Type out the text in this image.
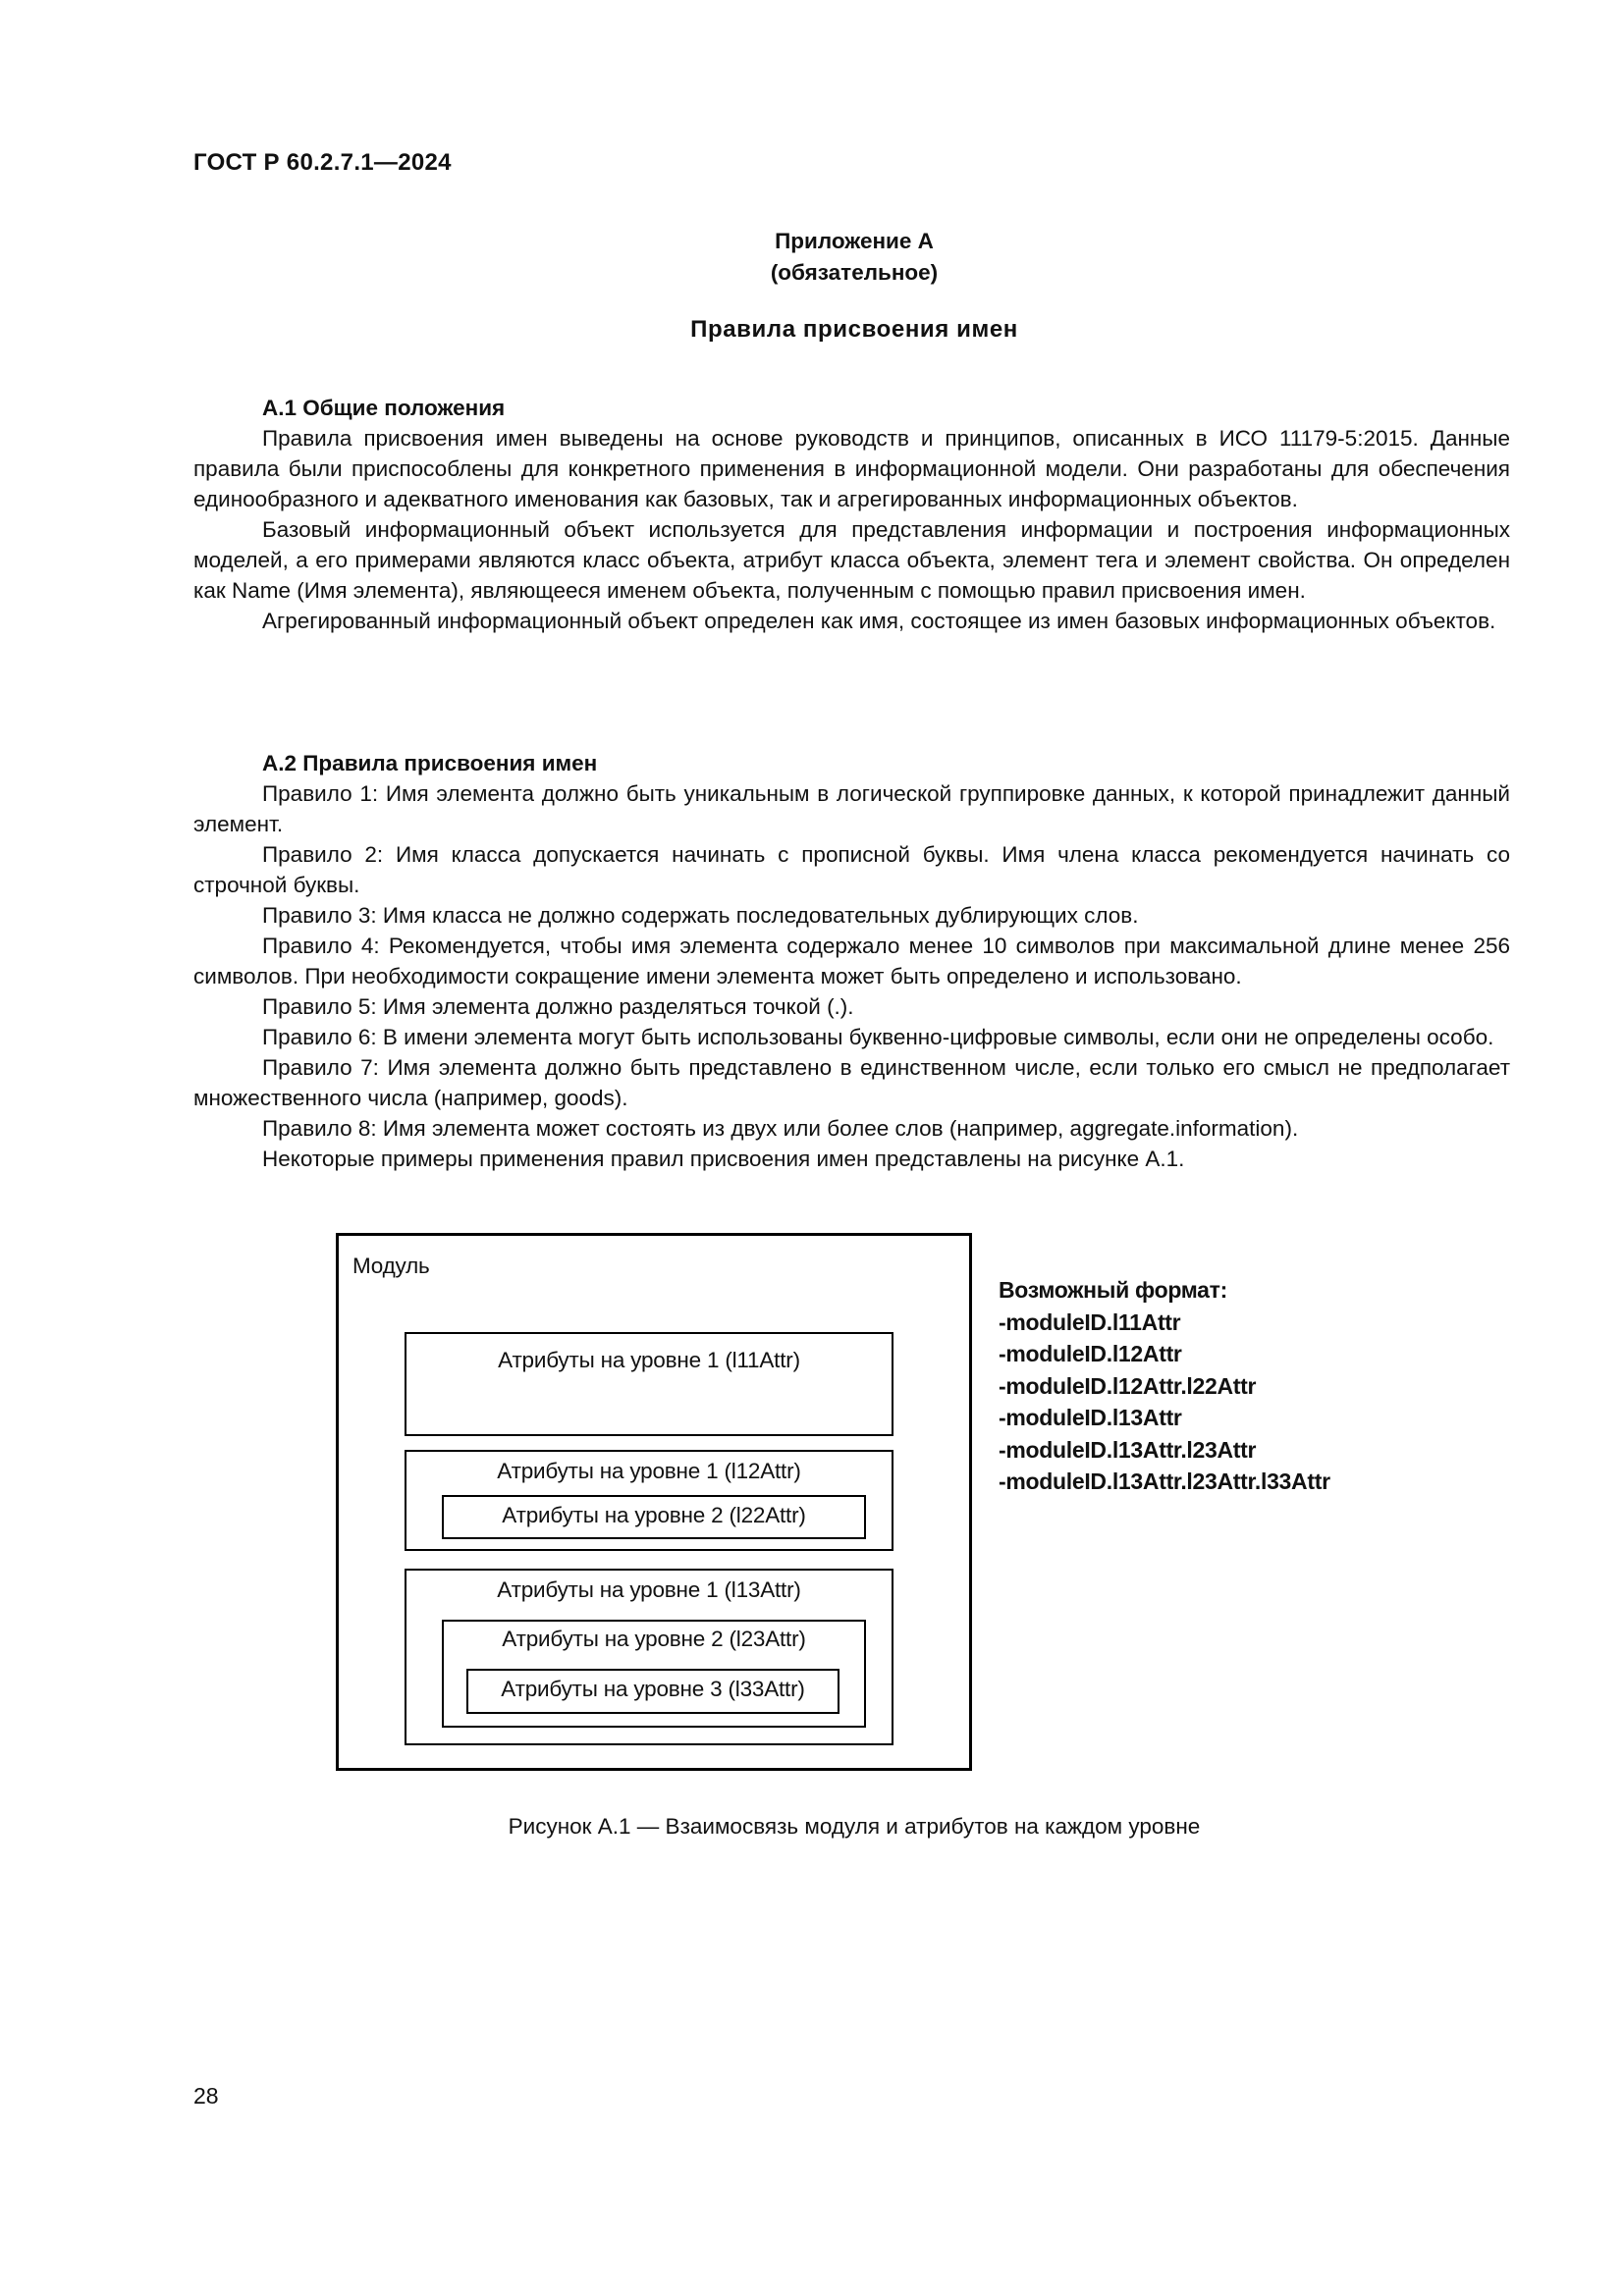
ГОСТ Р 60.2.7.1—2024
Приложение А
(обязательное)
Правила присвоения имен
А.1 Общие положения

Правила присвоения имен выведены на основе руководств и принципов, описанных в ИСО 11179-5:2015. Данные правила были приспособлены для конкретного применения в информационной модели. Они разработаны для обеспечения единообразного и адекватного именования как базовых, так и агрегированных информационных объектов.

Базовый информационный объект используется для представления информации и построения информационных моделей, а его примерами являются класс объекта, атрибут класса объекта, элемент тега и элемент свойства. Он определен как Name (Имя элемента), являющееся именем объекта, полученным с помощью правил присвоения имен.

Агрегированный информационный объект определен как имя, состоящее из имен базовых информационных объектов.

А.2 Правила присвоения имен

Правило 1: Имя элемента должно быть уникальным в логической группировке данных, к которой принадлежит данный элемент.

Правило 2: Имя класса допускается начинать с прописной буквы. Имя члена класса рекомендуется начинать со строчной буквы.

Правило 3: Имя класса не должно содержать последовательных дублирующих слов.

Правило 4: Рекомендуется, чтобы имя элемента содержало менее 10 символов при максимальной длине менее 256 символов. При необходимости сокращение имени элемента может быть определено и использовано.

Правило 5: Имя элемента должно разделяться точкой (.).

Правило 6: В имени элемента могут быть использованы буквенно-цифровые символы, если они не определены особо.

Правило 7: Имя элемента должно быть представлено в единственном числе, если только его смысл не предполагает множественного числа (например, goods).

Правило 8: Имя элемента может состоять из двух или более слов (например, aggregate.information).

Некоторые примеры применения правил присвоения имен представлены на рисунке А.1.

Модуль
Атрибуты на уровне 1 (l11Attr)
Атрибуты на уровне 1 (l12Attr)
Атрибуты на уровне 2 (l22Attr)
Атрибуты на уровне 1 (l13Attr)
Атрибуты на уровне 2 (l23Attr)
Атрибуты на уровне 3 (l33Attr)
Возможный формат:
-moduleID.l11Attr
-moduleID.l12Attr
-moduleID.l12Attr.l22Attr
-moduleID.l13Attr
-moduleID.l13Attr.l23Attr
-moduleID.l13Attr.l23Attr.l33Attr
Рисунок А.1 — Взаимосвязь модуля и атрибутов на каждом уровне
28
